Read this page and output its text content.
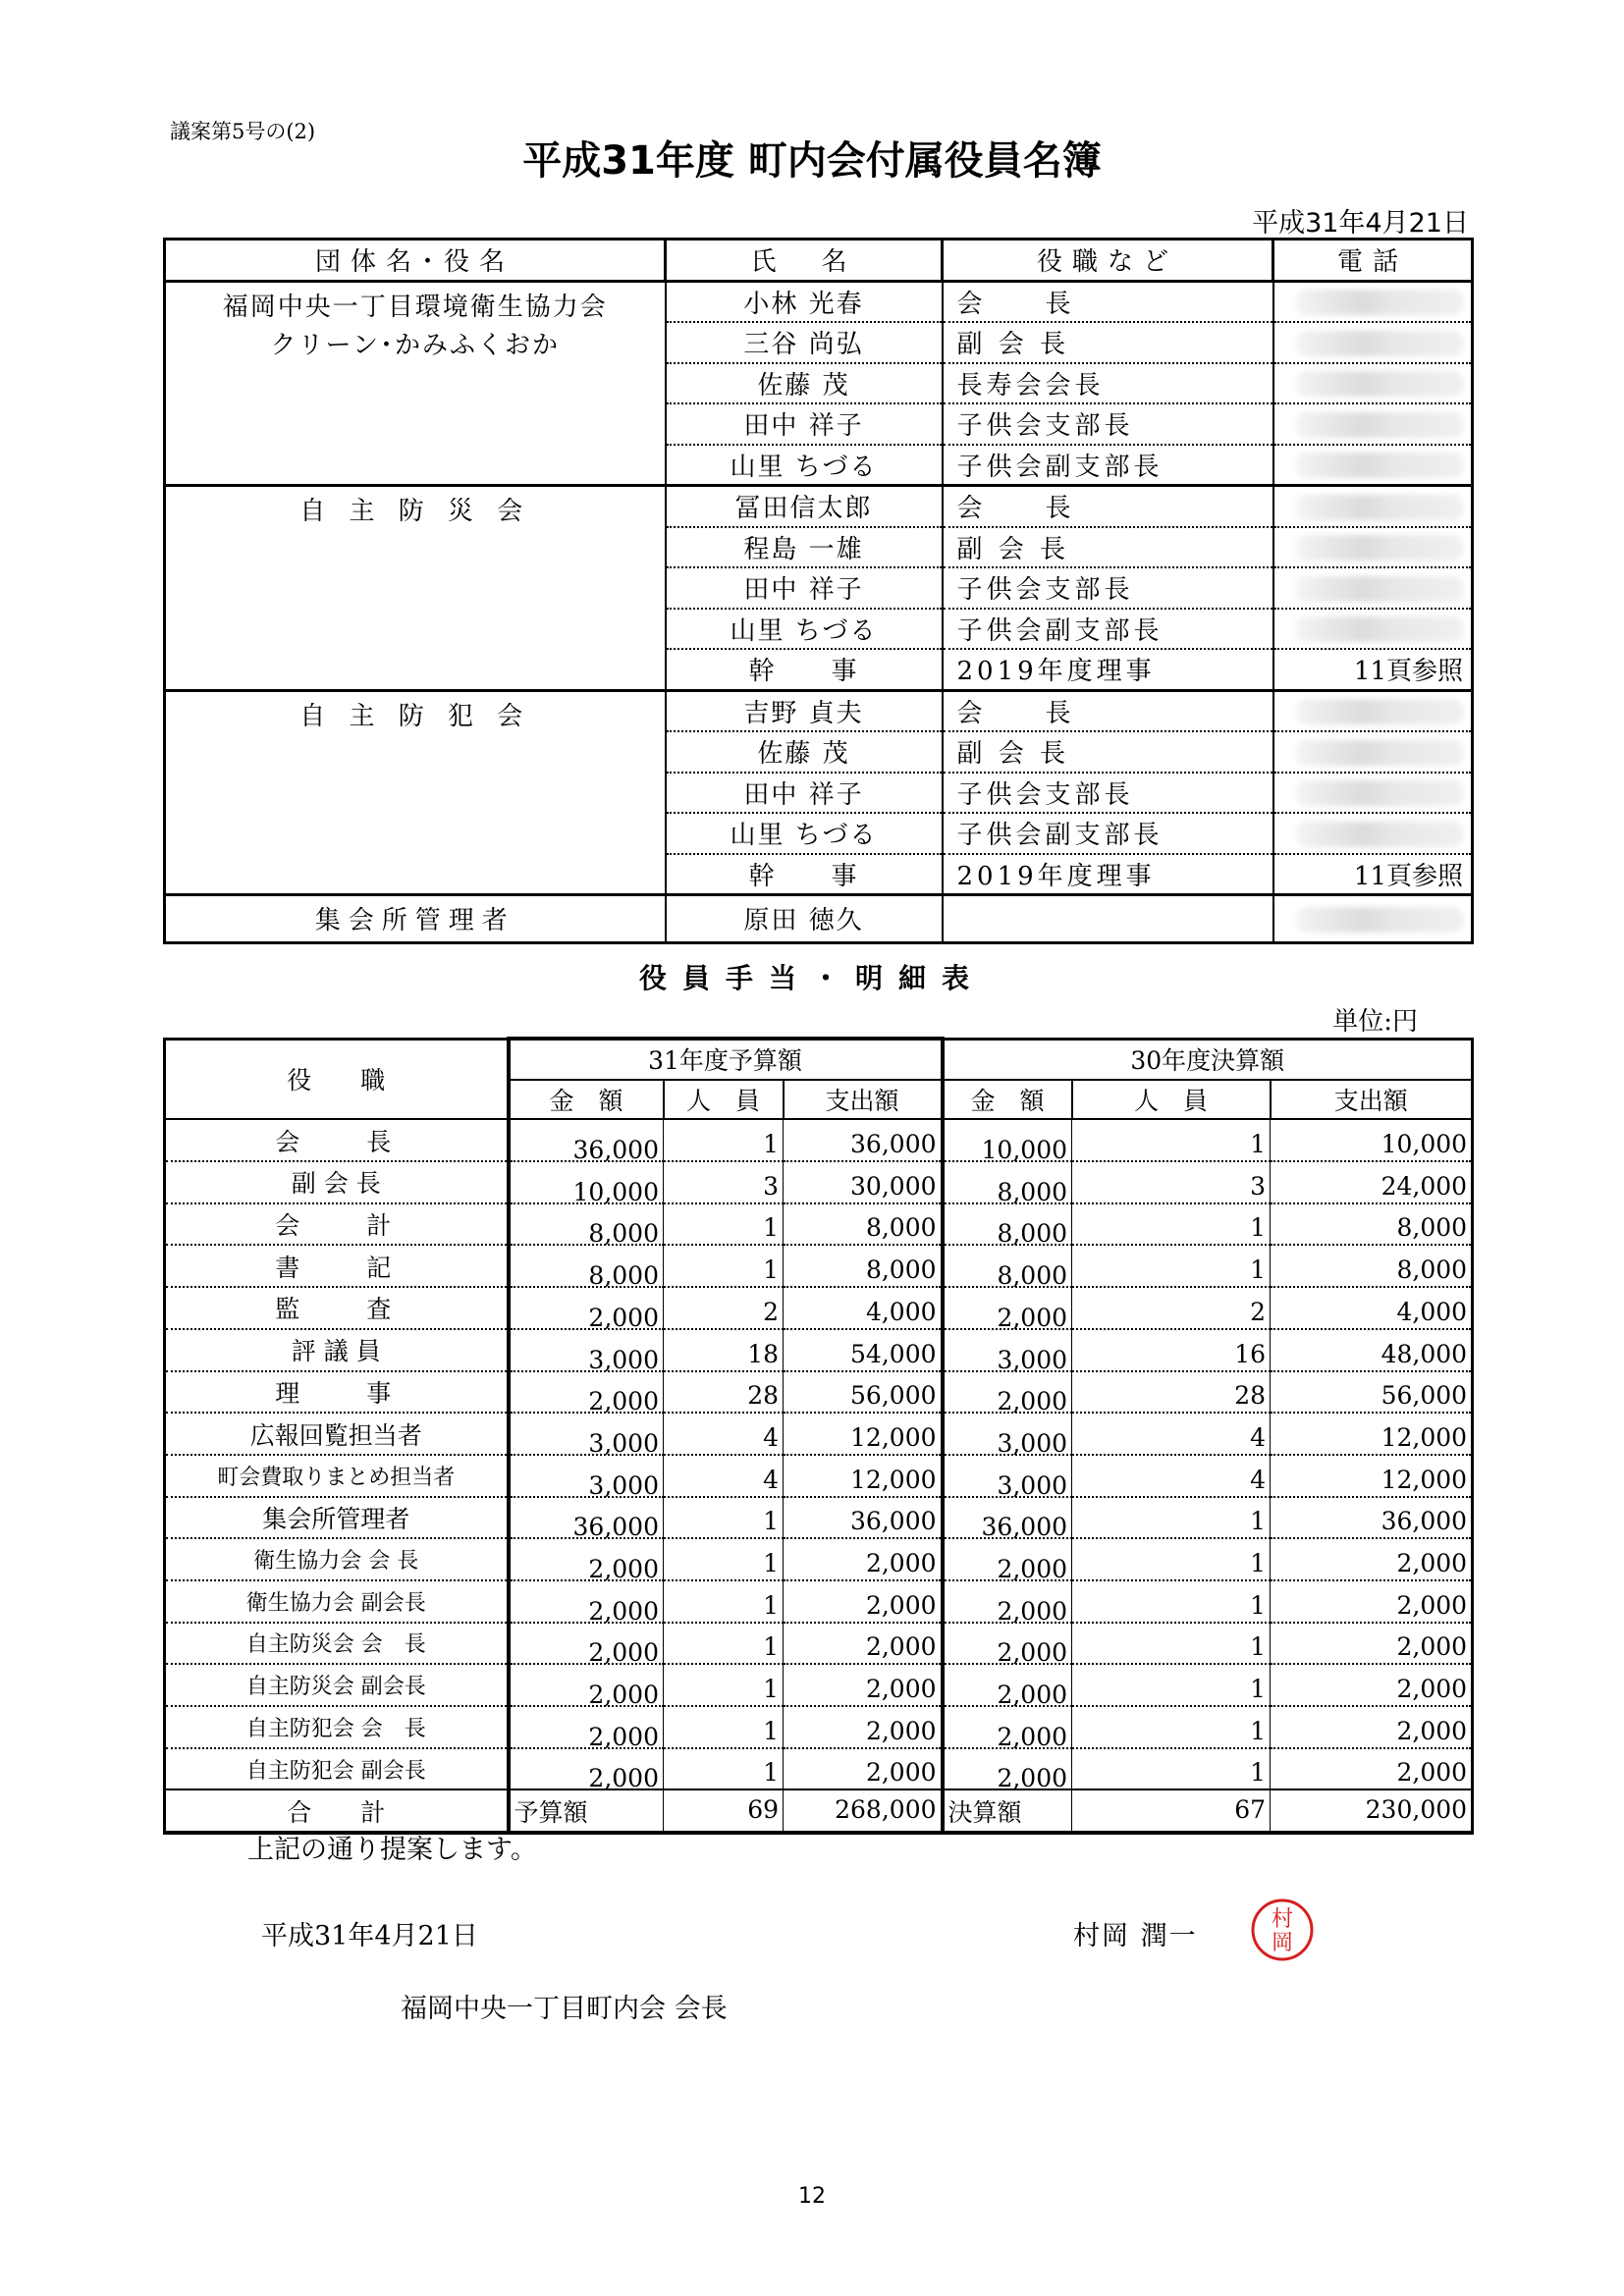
議案第5号の(2)
平成31年度 町内会付属役員名簿
平成31年4月21日
団体名･役名	氏　名	役職など	電話

福岡中央一丁目環境衛生協力会
クリーン･かみふくおか	小林 光春	会　　長	
	三谷 尚弘	副 会 長	
	佐藤 茂	長寿会会長	
	田中 祥子	子供会支部長	
	山里 ちづる	子供会副支部長	

自 主 防 災 会	冨田信太郎	会　　長	
	程島 一雄	副 会 長	
	田中 祥子	子供会支部長	
	山里 ちづる	子供会副支部長	
	幹　　事	2019年度理事	11頁参照

自 主 防 犯 会	吉野 貞夫	会　　長	
	佐藤 茂	副 会 長	
	田中 祥子	子供会支部長	
	山里 ちづる	子供会副支部長	
	幹　　事	2019年度理事	11頁参照

集会所管理者	原田 徳久		
役員手当・明細表
単位:円
役　　職	31年度予算額			30年度決算額		
	金　額	人　員	支出額	金　額	人　員	支出額
会　　長	36,000	1	36,000	10,000	1	10,000
副 会 長	10,000	3	30,000	8,000	3	24,000
会　　計	8,000	1	8,000	8,000	1	8,000
書　　記	8,000	1	8,000	8,000	1	8,000
監　　査	2,000	2	4,000	2,000	2	4,000
評 議 員	3,000	18	54,000	3,000	16	48,000
理　　事	2,000	28	56,000	2,000	28	56,000
広報回覧担当者	3,000	4	12,000	3,000	4	12,000
町会費取りまとめ担当者	3,000	4	12,000	3,000	4	12,000
集会所管理者	36,000	1	36,000	36,000	1	36,000
衛生協力会 会 長	2,000	1	2,000	2,000	1	2,000
衛生協力会 副会長	2,000	1	2,000	2,000	1	2,000
自主防災会 会　長	2,000	1	2,000	2,000	1	2,000
自主防災会 副会長	2,000	1	2,000	2,000	1	2,000
自主防犯会 会　長	2,000	1	2,000	2,000	1	2,000
自主防犯会 副会長	2,000	1	2,000	2,000	1	2,000
合　　計	予算額	69	268,000	決算額	67	230,000
上記の通り提案します。
平成31年4月21日	村岡 潤一
村
岡
福岡中央一丁目町内会 会長
12
